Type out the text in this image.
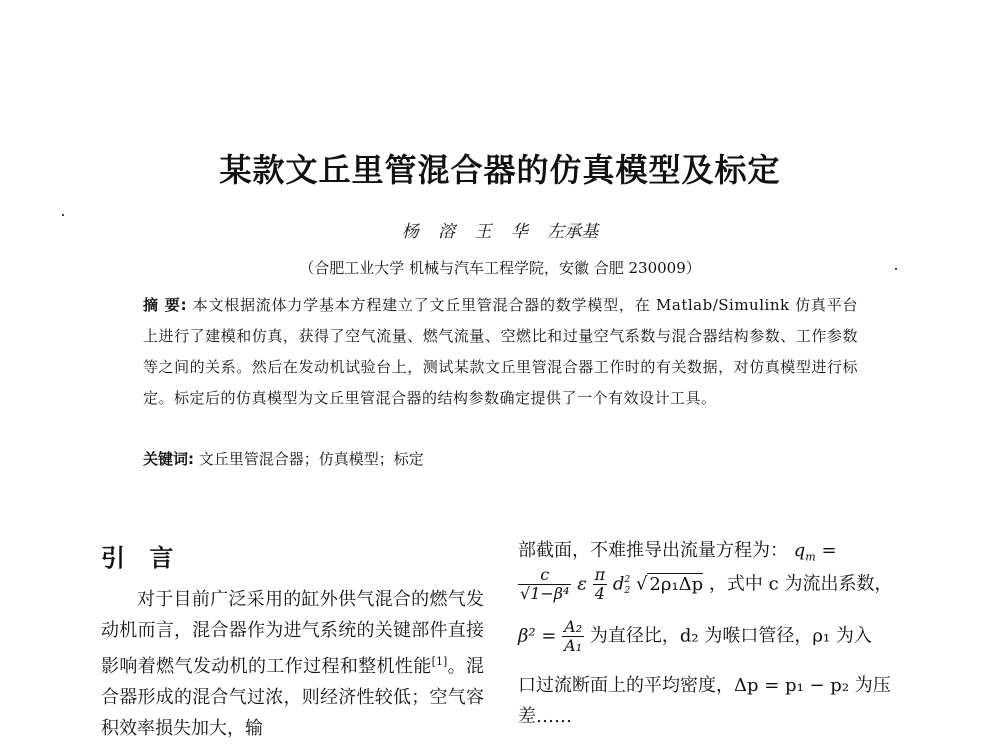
某款文丘里管混合器的仿真模型及标定
杨 溶 王 华 左承基
（合肥工业大学 机械与汽车工程学院，安徽 合肥 230009）
摘 要: 本文根据流体力学基本方程建立了文丘里管混合器的数学模型，在 Matlab/Simulink 仿真平台上进行了建模和仿真，获得了空气流量、燃气流量、空燃比和过量空气系数与混合器结构参数、工作参数等之间的关系。然后在发动机试验台上，测试某款文丘里管混合器工作时的有关数据，对仿真模型进行标定。标定后的仿真模型为文丘里管混合器的结构参数确定提供了一个有效设计工具。
关键词: 文丘里管混合器；仿真模型；标定
引 言
对于目前广泛采用的缸外供气混合的燃气发动机而言，混合器作为进气系统的关键部件直接影响着燃气发动机的工作过程和整机性能[1]。混合器形成的混合气过浓，则经济性较低；空气容积效率损失加大，输
部截面，不难推导出流量方程为： $q_m$ =
$\frac{c}{\text{√1−β⁴}}$ ε $\frac{\pi}{4}$ d 2
2 √ 2ρ₁Δp ，式中 c 为流出系数，
$\beta^2 = \frac{\text{A₂}}{\text{A₁}}$ 为直径比，d₂ 为喉口管径，ρ₁ 为入
口过流断面上的平均密度，Δp = p₁ − p₂ 为压
差……
